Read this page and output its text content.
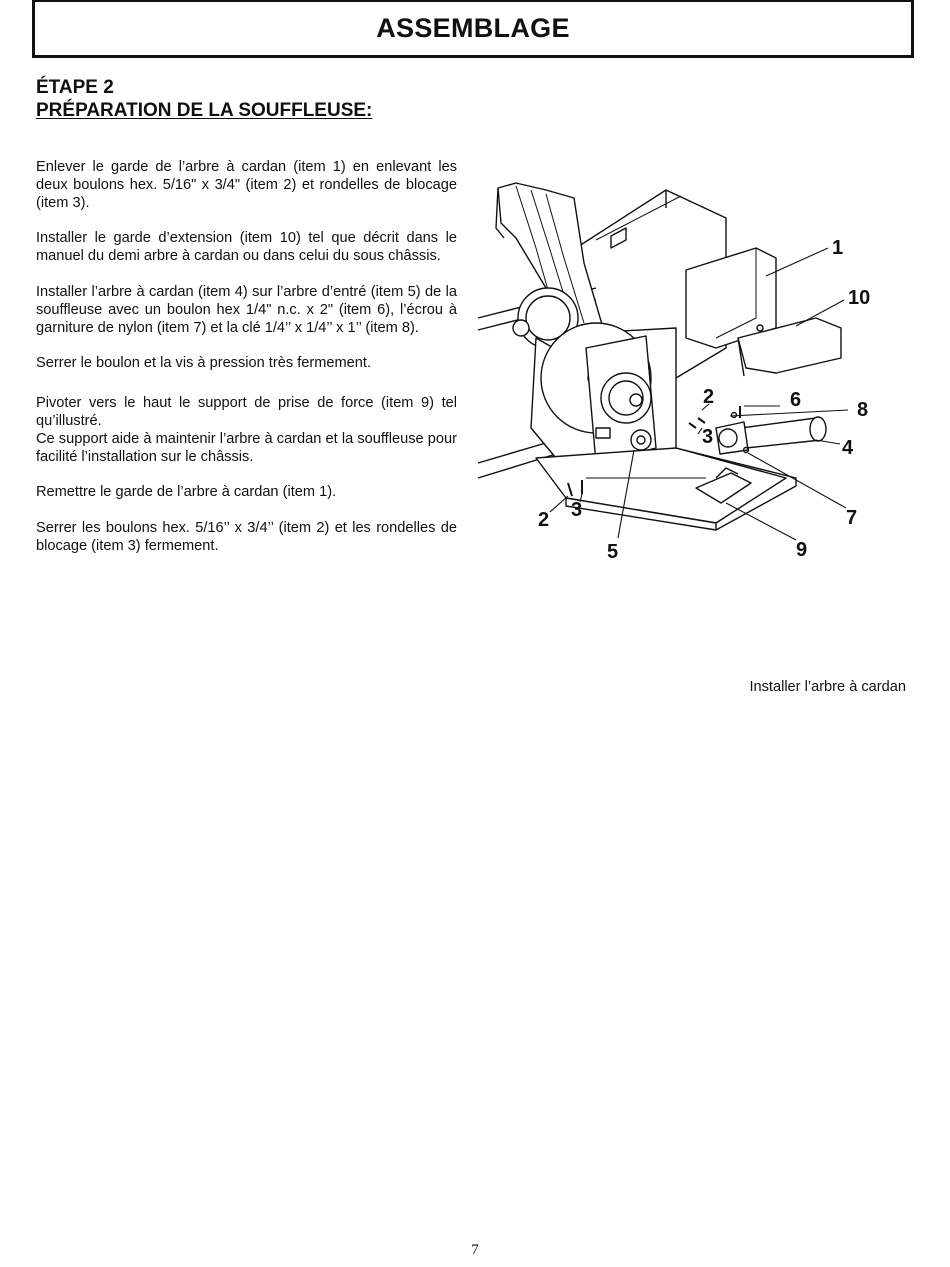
ASSEMBLAGE
ÉTAPE 2
PRÉPARATION DE LA SOUFFLEUSE:

Enlever le garde de l’arbre à cardan (item 1) en enlevant les deux boulons hex. 5/16" x 3/4" (item 2) et rondelles de blocage (item 3).

Installer le garde d’extension (item 10) tel que décrit dans le manuel du demi arbre à cardan ou dans celui du sous châssis.

Installer l’arbre à cardan (item 4) sur l’arbre d’entré (item 5) de la souffleuse avec un boulon hex 1/4" n.c. x 2" (item 6), l’écrou à garniture de nylon (item 7) et la clé 1/4’’ x 1/4’’ x 1’’ (item 8).

Serrer le boulon et la vis à pression très fermement.

Pivoter vers le haut le support de prise de force (item 9) tel qu’illustré.

Ce support aide à maintenir l’arbre à cardan et la souffleuse pour facilité l’installation sur le châssis.

Remettre le garde de l’arbre à cardan (item 1).

Serrer les boulons hex. 5/16’’ x 3/4’’ (item 2) et les rondelles de blocage (item 3) fermement.

1
10
2	6	8
3	4
2 3	7
5	9
Installer l’arbre à cardan
7
